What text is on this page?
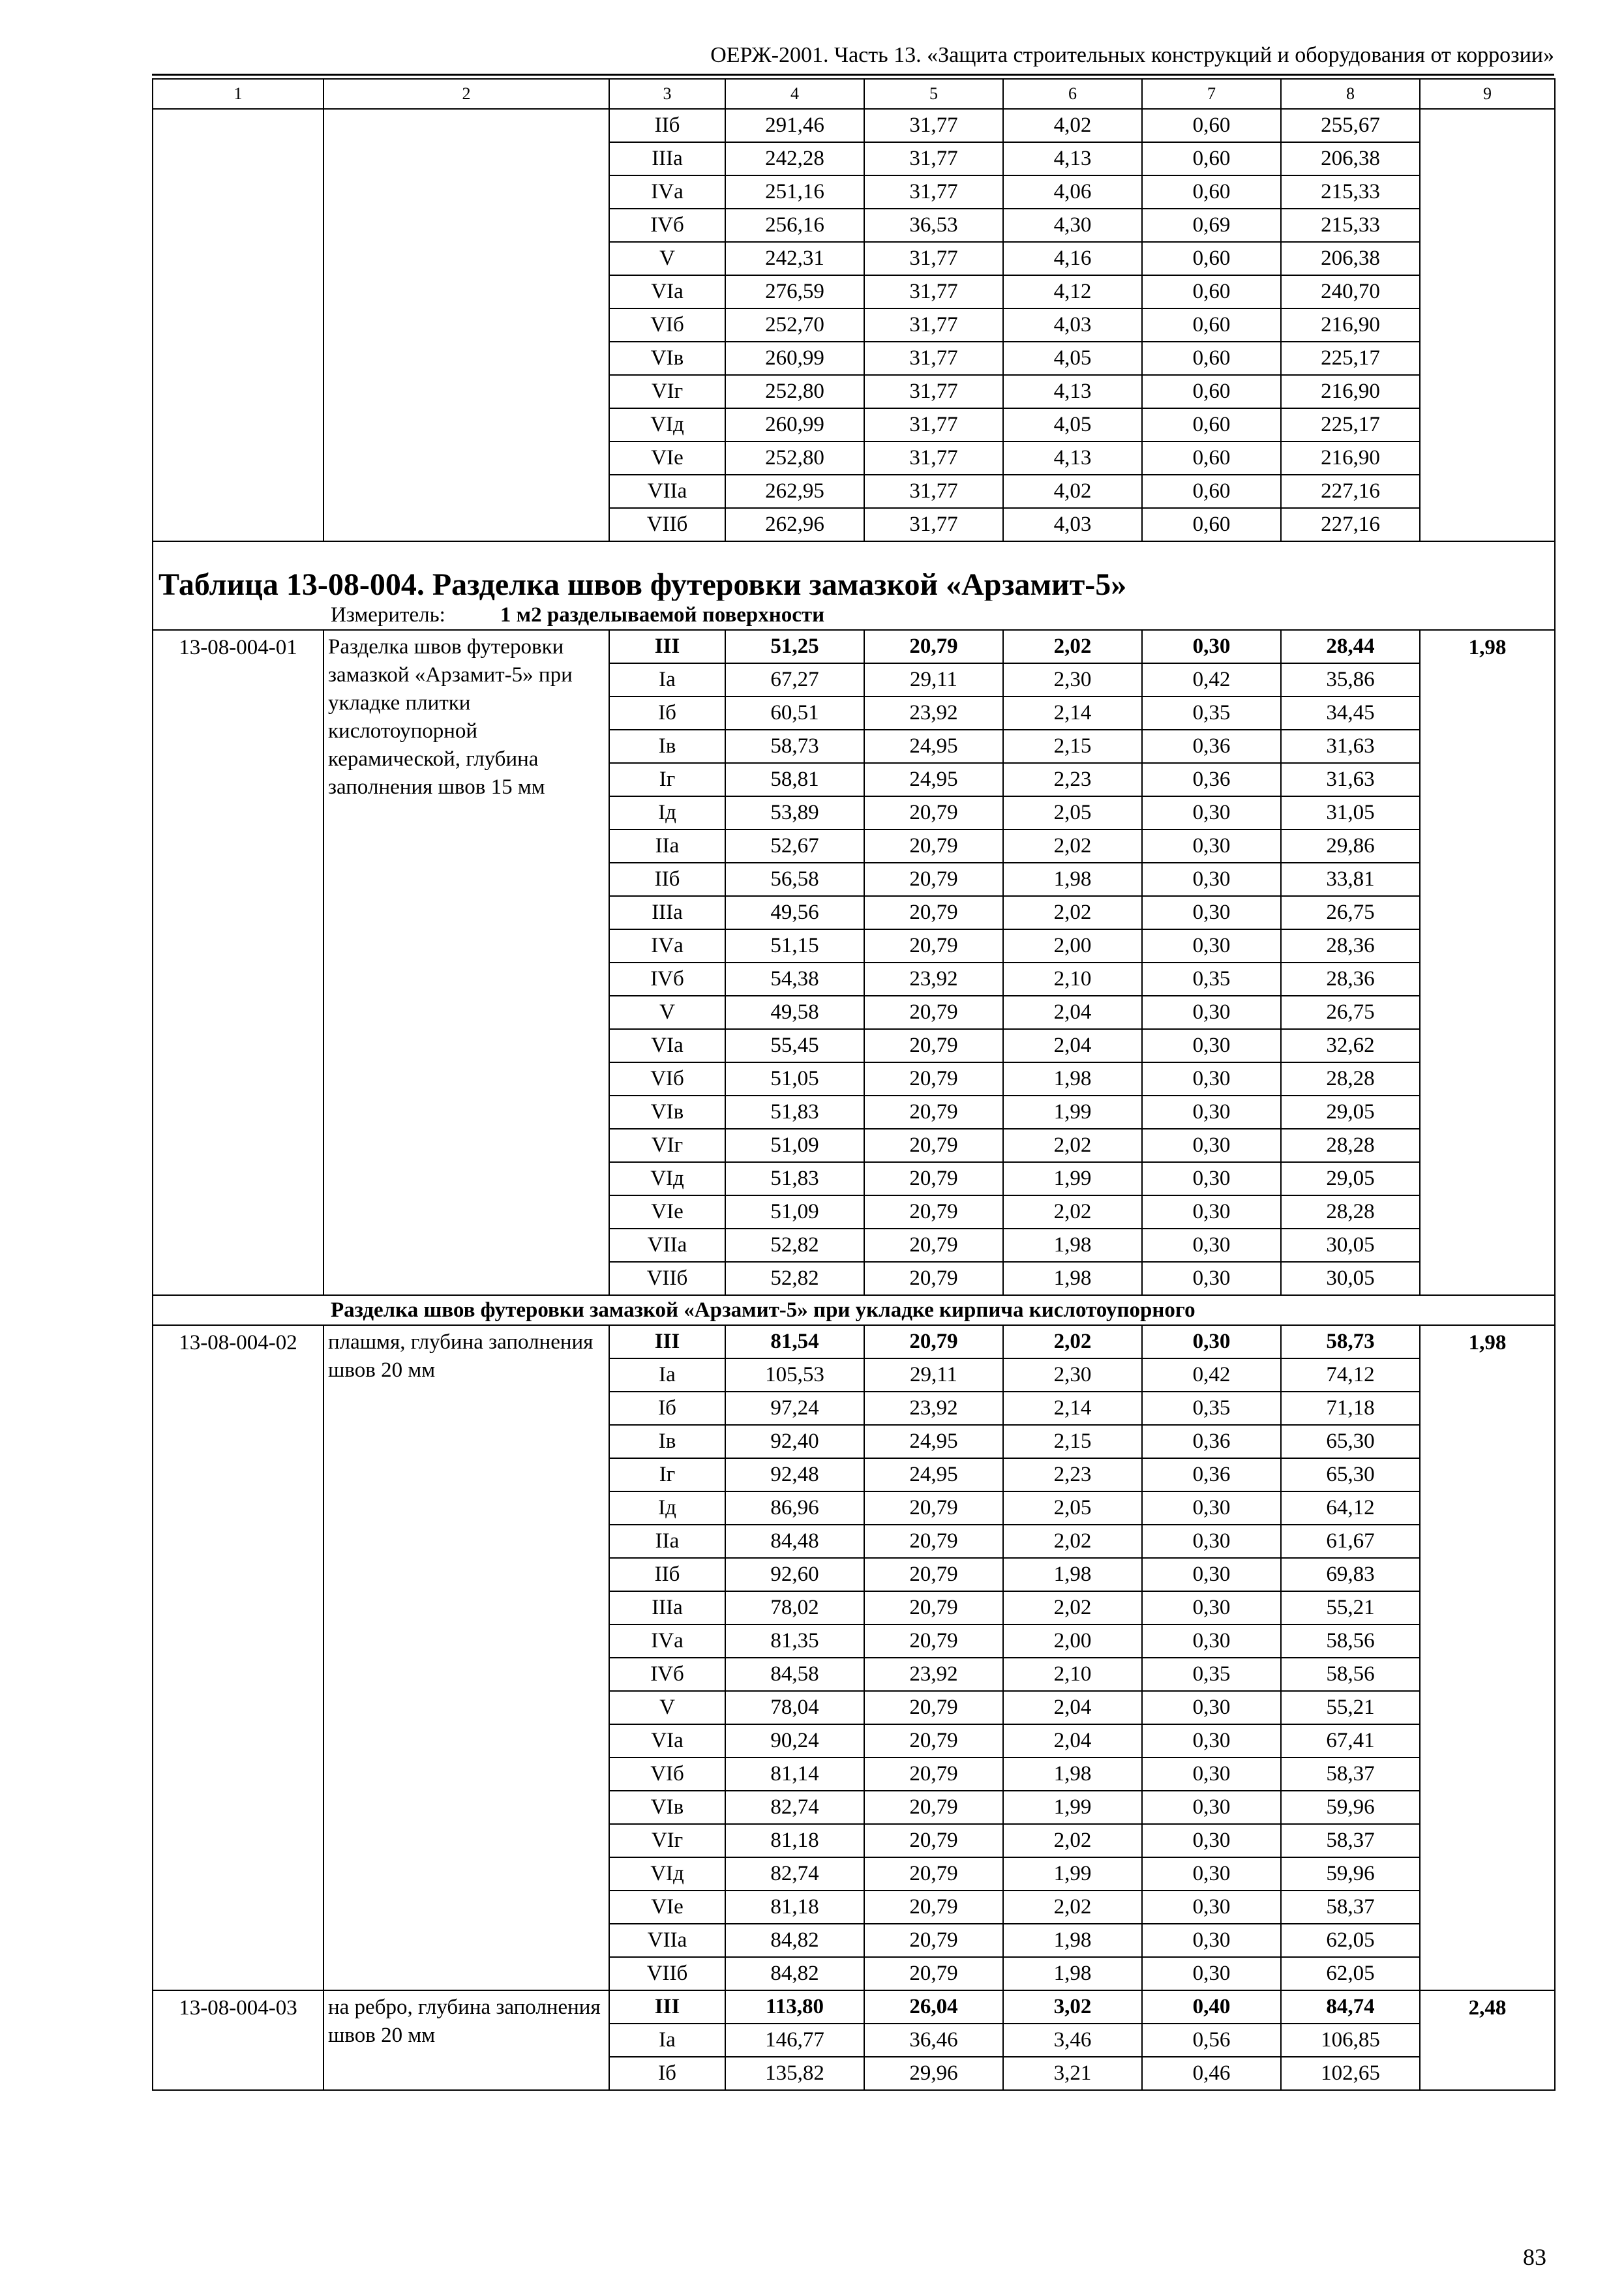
ОЕРЖ-2001. Часть 13. «Защита строительных конструкций и оборудования от коррозии»
1	2	3	4	5	6	7	8	9
		IIб	291,46	31,77	4,02	0,60	255,67	
		IIIа	242,28	31,77	4,13	0,60	206,38	
		IVа	251,16	31,77	4,06	0,60	215,33	
		IVб	256,16	36,53	4,30	0,69	215,33	
		V	242,31	31,77	4,16	0,60	206,38	
		VIа	276,59	31,77	4,12	0,60	240,70	
		VIб	252,70	31,77	4,03	0,60	216,90	
		VIв	260,99	31,77	4,05	0,60	225,17	
		VIг	252,80	31,77	4,13	0,60	216,90	
		VIд	260,99	31,77	4,05	0,60	225,17	
		VIе	252,80	31,77	4,13	0,60	216,90	
		VIIа	262,95	31,77	4,02	0,60	227,16	
		VIIб	262,96	31,77	4,03	0,60	227,16	
Таблица 13-08-004. Разделка швов футеровки замазкой «Арзамит-5»								
Измеритель: 1 м2 разделываемой поверхности								
13-08-004-01	Разделка швов футеровки замазкой «Арзамит-5» при укладке плитки кислотоупорной керамической, глубина заполнения швов 15 мм	III	51,25	20,79	2,02	0,30	28,44	1,98
		Iа	67,27	29,11	2,30	0,42	35,86	
		Iб	60,51	23,92	2,14	0,35	34,45	
		Iв	58,73	24,95	2,15	0,36	31,63	
		Iг	58,81	24,95	2,23	0,36	31,63	
		Iд	53,89	20,79	2,05	0,30	31,05	
		IIа	52,67	20,79	2,02	0,30	29,86	
		IIб	56,58	20,79	1,98	0,30	33,81	
		IIIа	49,56	20,79	2,02	0,30	26,75	
		IVа	51,15	20,79	2,00	0,30	28,36	
		IVб	54,38	23,92	2,10	0,35	28,36	
		V	49,58	20,79	2,04	0,30	26,75	
		VIа	55,45	20,79	2,04	0,30	32,62	
		VIб	51,05	20,79	1,98	0,30	28,28	
		VIв	51,83	20,79	1,99	0,30	29,05	
		VIг	51,09	20,79	2,02	0,30	28,28	
		VIд	51,83	20,79	1,99	0,30	29,05	
		VIе	51,09	20,79	2,02	0,30	28,28	
		VIIа	52,82	20,79	1,98	0,30	30,05	
		VIIб	52,82	20,79	1,98	0,30	30,05	
Разделка швов футеровки замазкой «Арзамит-5» при укладке кирпича кислотоупорного								
13-08-004-02	плашмя, глубина заполнения швов 20 мм	III	81,54	20,79	2,02	0,30	58,73	1,98
		Iа	105,53	29,11	2,30	0,42	74,12	
		Iб	97,24	23,92	2,14	0,35	71,18	
		Iв	92,40	24,95	2,15	0,36	65,30	
		Iг	92,48	24,95	2,23	0,36	65,30	
		Iд	86,96	20,79	2,05	0,30	64,12	
		IIа	84,48	20,79	2,02	0,30	61,67	
		IIб	92,60	20,79	1,98	0,30	69,83	
		IIIа	78,02	20,79	2,02	0,30	55,21	
		IVа	81,35	20,79	2,00	0,30	58,56	
		IVб	84,58	23,92	2,10	0,35	58,56	
		V	78,04	20,79	2,04	0,30	55,21	
		VIа	90,24	20,79	2,04	0,30	67,41	
		VIб	81,14	20,79	1,98	0,30	58,37	
		VIв	82,74	20,79	1,99	0,30	59,96	
		VIг	81,18	20,79	2,02	0,30	58,37	
		VIд	82,74	20,79	1,99	0,30	59,96	
		VIе	81,18	20,79	2,02	0,30	58,37	
		VIIа	84,82	20,79	1,98	0,30	62,05	
		VIIб	84,82	20,79	1,98	0,30	62,05	
13-08-004-03	на ребро, глубина заполнения швов 20 мм	III	113,80	26,04	3,02	0,40	84,74	2,48
		Iа	146,77	36,46	3,46	0,56	106,85	
		Iб	135,82	29,96	3,21	0,46	102,65	
83
